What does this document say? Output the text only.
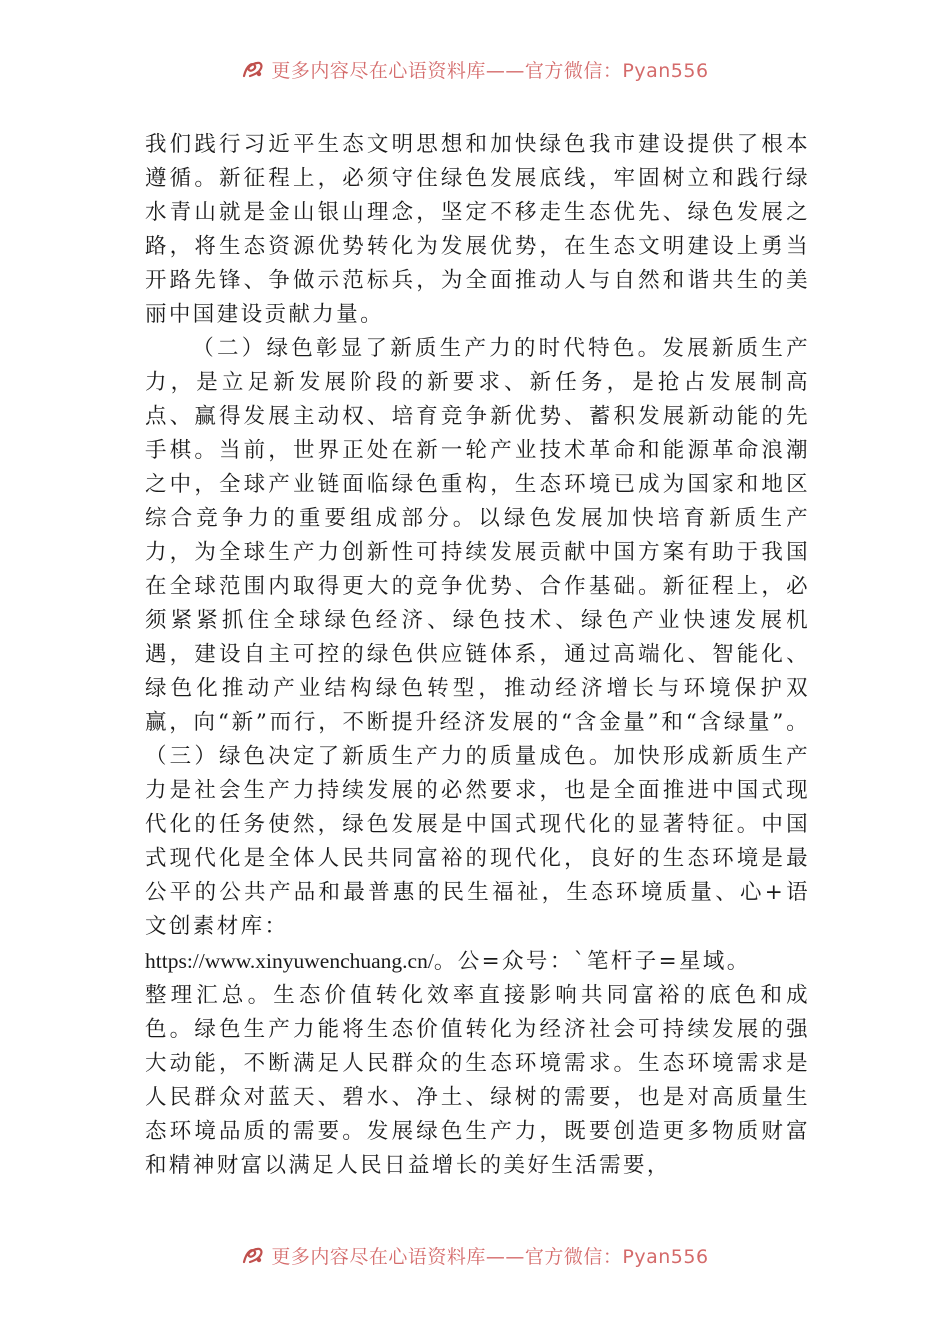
更多内容尽在心语资料库——官方微信：Pyan556

我们践行习近平生态文明思想和加快绿色我市建设提供了根本遵循。新征程上，必须守住绿色发展底线，牢固树立和践行绿水青山就是金山银山理念，坚定不移走生态优先、绿色发展之路，将生态资源优势转化为发展优势，在生态文明建设上勇当开路先锋、争做示范标兵，为全面推动人与自然和谐共生的美丽中国建设贡献力量。

（二）绿色彰显了新质生产力的时代特色。发展新质生产力，是立足新发展阶段的新要求、新任务，是抢占发展制高点、赢得发展主动权、培育竞争新优势、蓄积发展新动能的先手棋。当前，世界正处在新一轮产业技术革命和能源革命浪潮之中，全球产业链面临绿色重构，生态环境已成为国家和地区综合竞争力的重要组成部分。以绿色发展加快培育新质生产力，为全球生产力创新性可持续发展贡献中国方案有助于我国在全球范围内取得更大的竞争优势、合作基础。新征程上，必须紧紧抓住全球绿色经济、绿色技术、绿色产业快速发展机遇，建设自主可控的绿色供应链体系，通过高端化、智能化、绿色化推动产业结构绿色转型，推动经济增长与环境保护双赢，向“新”而行，不断提升经济发展的“含金量”和“含绿量”。（三）绿色决定了新质生产力的质量成色。加快形成新质生产力是社会生产力持续发展的必然要求，也是全面推进中国式现代化的任务使然，绿色发展是中国式现代化的显著特征。中国式现代化是全体人民共同富裕的现代化，良好的生态环境是最公平的公共产品和最普惠的民生福祉，生态环境质量、心+语文创素材库：

https://www.xinyuwenchuang.cn/。公=众号：`笔杆子=星域。

整理汇总。生态价值转化效率直接影响共同富裕的底色和成色。绿色生产力能将生态价值转化为经济社会可持续发展的强大动能，不断满足人民群众的生态环境需求。生态环境需求是人民群众对蓝天、碧水、净土、绿树的需要，也是对高质量生态环境品质的需要。发展绿色生产力，既要创造更多物质财富和精神财富以满足人民日益增长的美好生活需要，

更多内容尽在心语资料库——官方微信：Pyan556
